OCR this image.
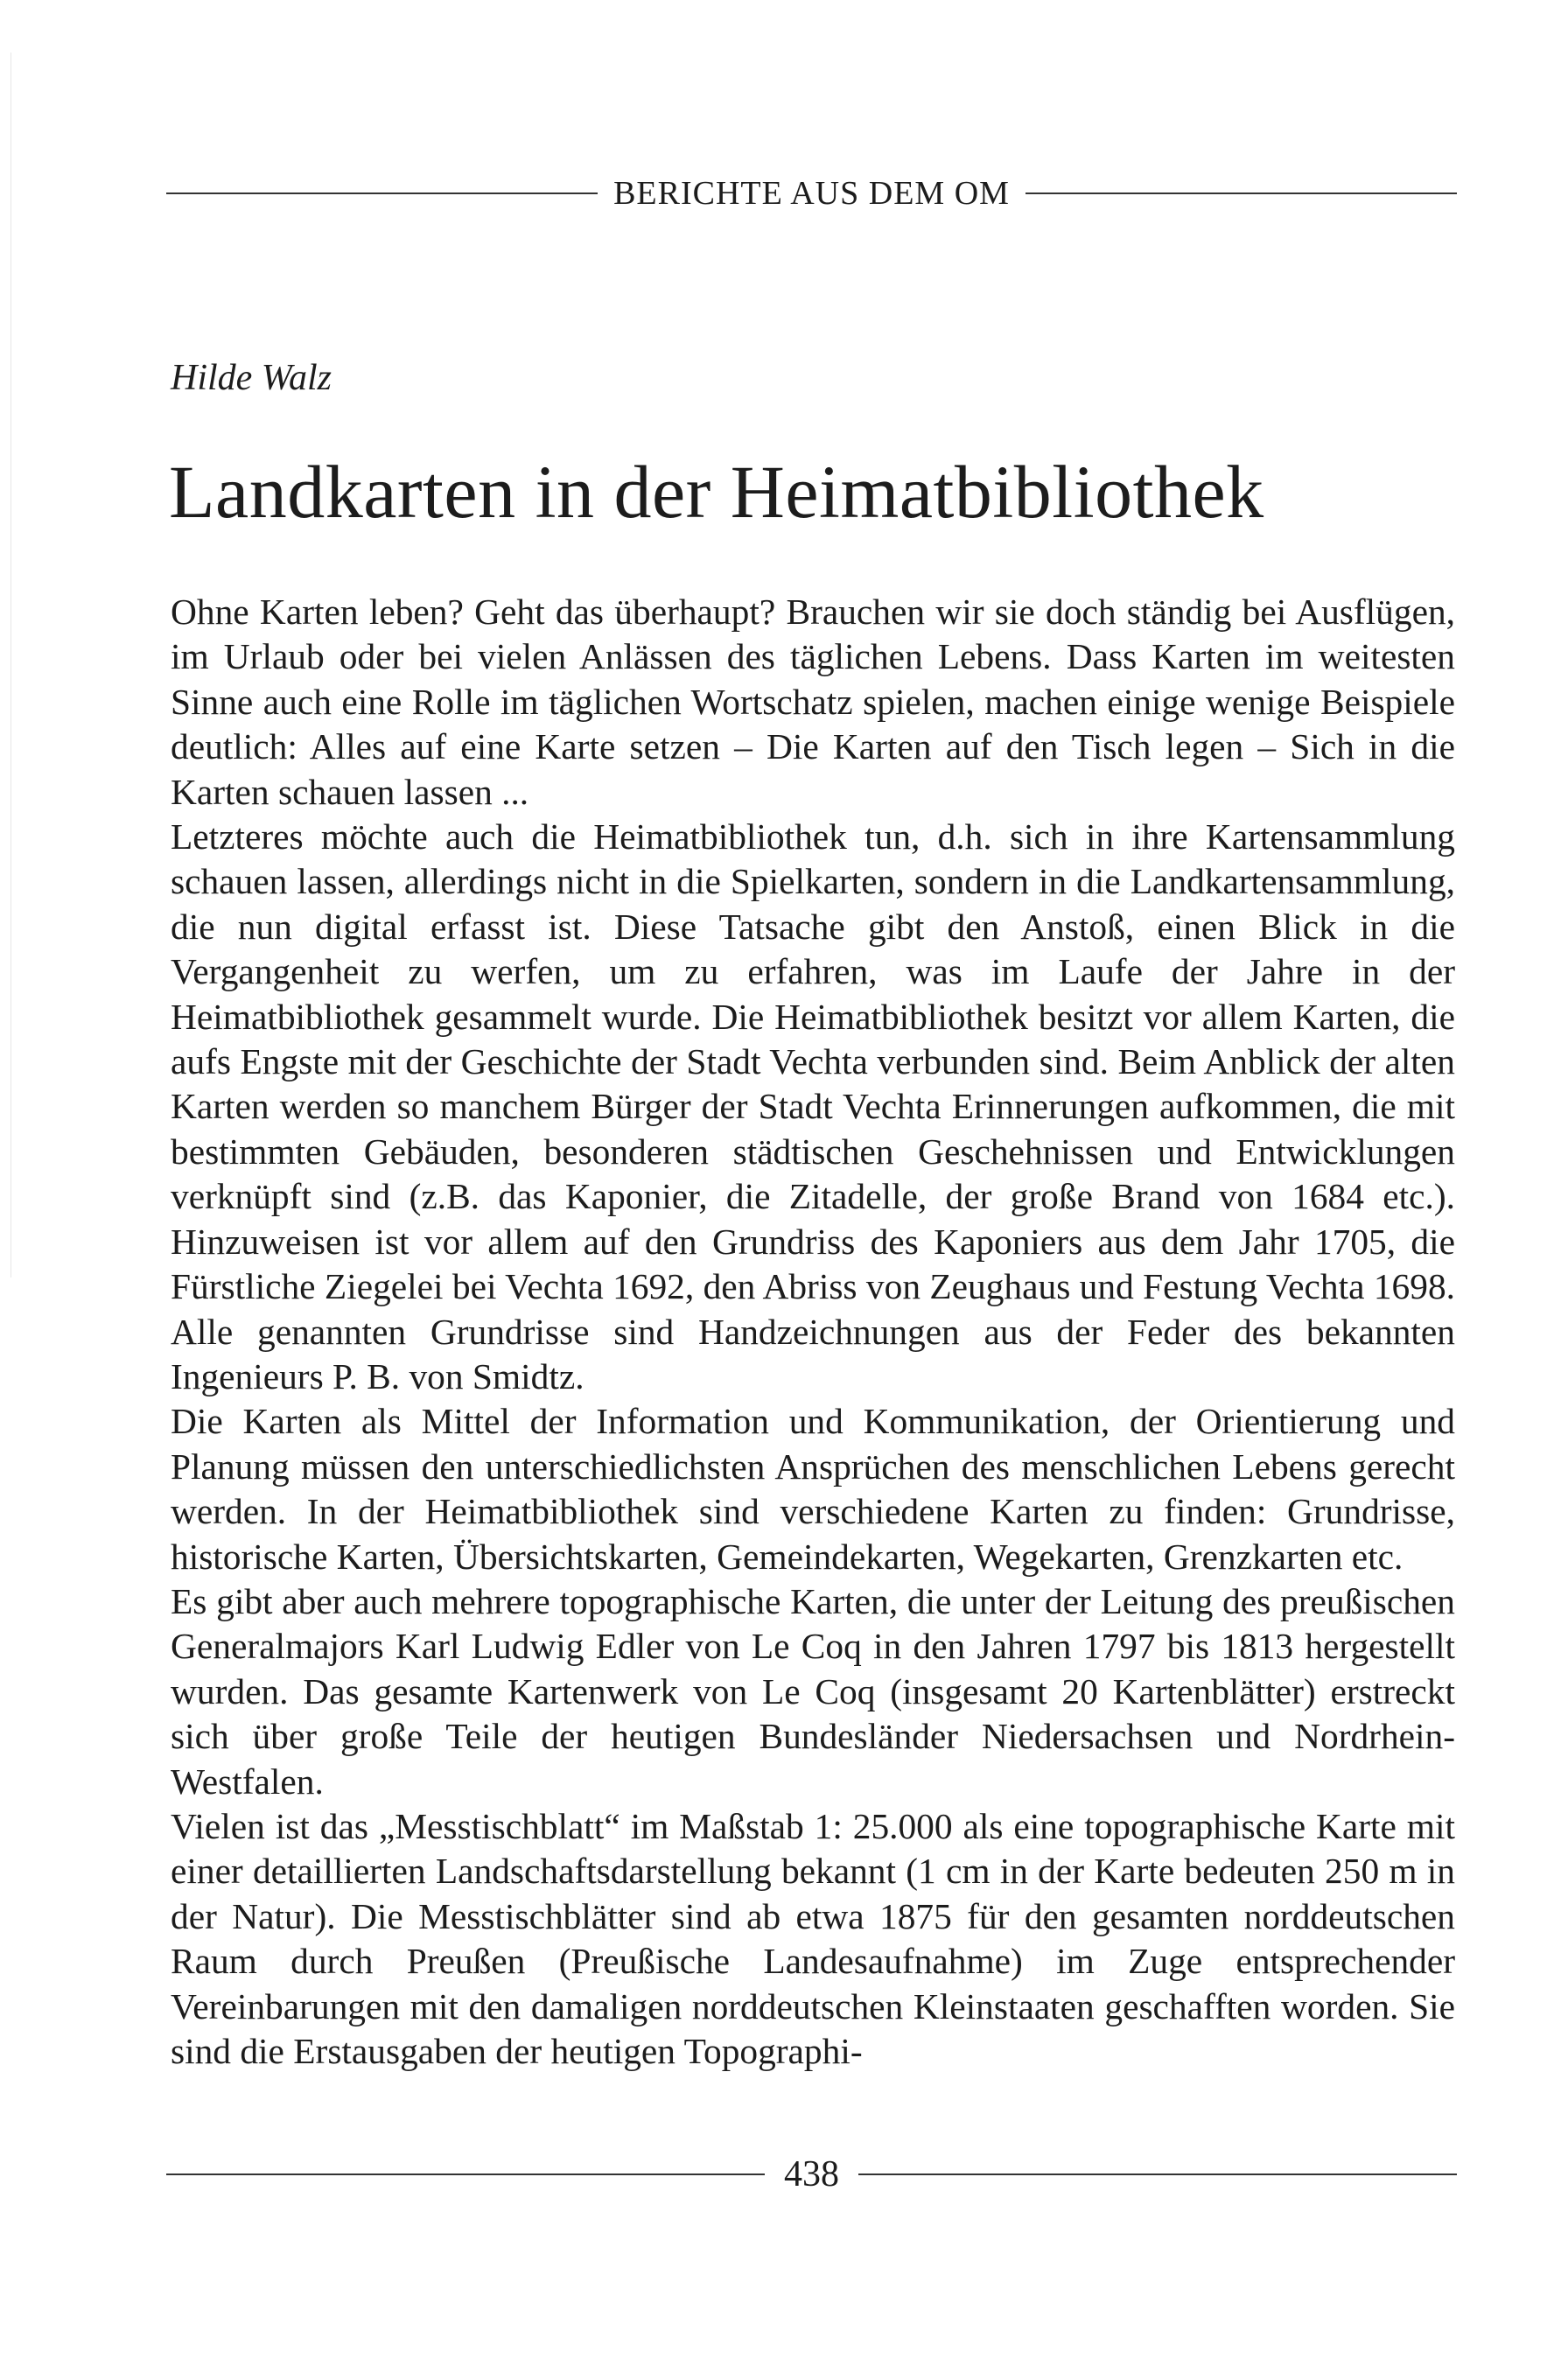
BERICHTE AUS DEM OM
Hilde Walz
Landkarten in der Heimatbibliothek

Ohne Karten leben? Geht das überhaupt? Brauchen wir sie doch ständig bei Ausflügen, im Urlaub oder bei vielen Anlässen des täglichen Lebens. Dass Karten im weitesten Sinne auch eine Rolle im täglichen Wortschatz spielen, machen einige wenige Beispiele deutlich: Alles auf eine Karte setzen – Die Karten auf den Tisch legen – Sich in die Karten schauen lassen ...

Letzteres möchte auch die Heimatbibliothek tun, d.h. sich in ihre Kartensammlung schauen lassen, allerdings nicht in die Spielkarten, sondern in die Landkartensammlung, die nun digital erfasst ist. Diese Tatsache gibt den Anstoß, einen Blick in die Vergangenheit zu werfen, um zu erfahren, was im Laufe der Jahre in der Heimatbibliothek gesammelt wurde. Die Heimatbibliothek besitzt vor allem Karten, die aufs Engste mit der Geschichte der Stadt Vechta verbunden sind. Beim Anblick der alten Karten werden so manchem Bürger der Stadt Vechta Erinnerungen aufkommen, die mit bestimmten Gebäuden, besonderen städtischen Geschehnissen und Entwicklungen verknüpft sind (z.B. das Kaponier, die Zitadelle, der große Brand von 1684 etc.). Hinzuweisen ist vor allem auf den Grundriss des Kaponiers aus dem Jahr 1705, die Fürstliche Ziegelei bei Vechta 1692, den Abriss von Zeughaus und Festung Vechta 1698. Alle genannten Grundrisse sind Handzeichnungen aus der Feder des bekannten Ingenieurs P. B. von Smidtz.

Die Karten als Mittel der Information und Kommunikation, der Orientierung und Planung müssen den unterschiedlichsten Ansprüchen des menschlichen Lebens gerecht werden. In der Heimatbibliothek sind verschiedene Karten zu finden: Grundrisse, historische Karten, Übersichtskarten, Gemeindekarten, Wegekarten, Grenzkarten etc.

Es gibt aber auch mehrere topographische Karten, die unter der Leitung des preußischen Generalmajors Karl Ludwig Edler von Le Coq in den Jahren 1797 bis 1813 hergestellt wurden. Das gesamte Kartenwerk von Le Coq (insgesamt 20 Kartenblätter) erstreckt sich über große Teile der heutigen Bundesländer Niedersachsen und Nordrhein-Westfalen.

Vielen ist das „Messtischblatt“ im Maßstab 1: 25.000 als eine topographische Karte mit einer detaillierten Landschaftsdarstellung bekannt (1 cm in der Karte bedeuten 250 m in der Natur). Die Messtischblätter sind ab etwa 1875 für den gesamten norddeutschen Raum durch Preußen (Preußische Landesaufnahme) im Zuge entsprechender Vereinbarungen mit den damaligen norddeutschen Kleinstaaten geschafften worden. Sie sind die Erstausgaben der heutigen Topographi-

438
